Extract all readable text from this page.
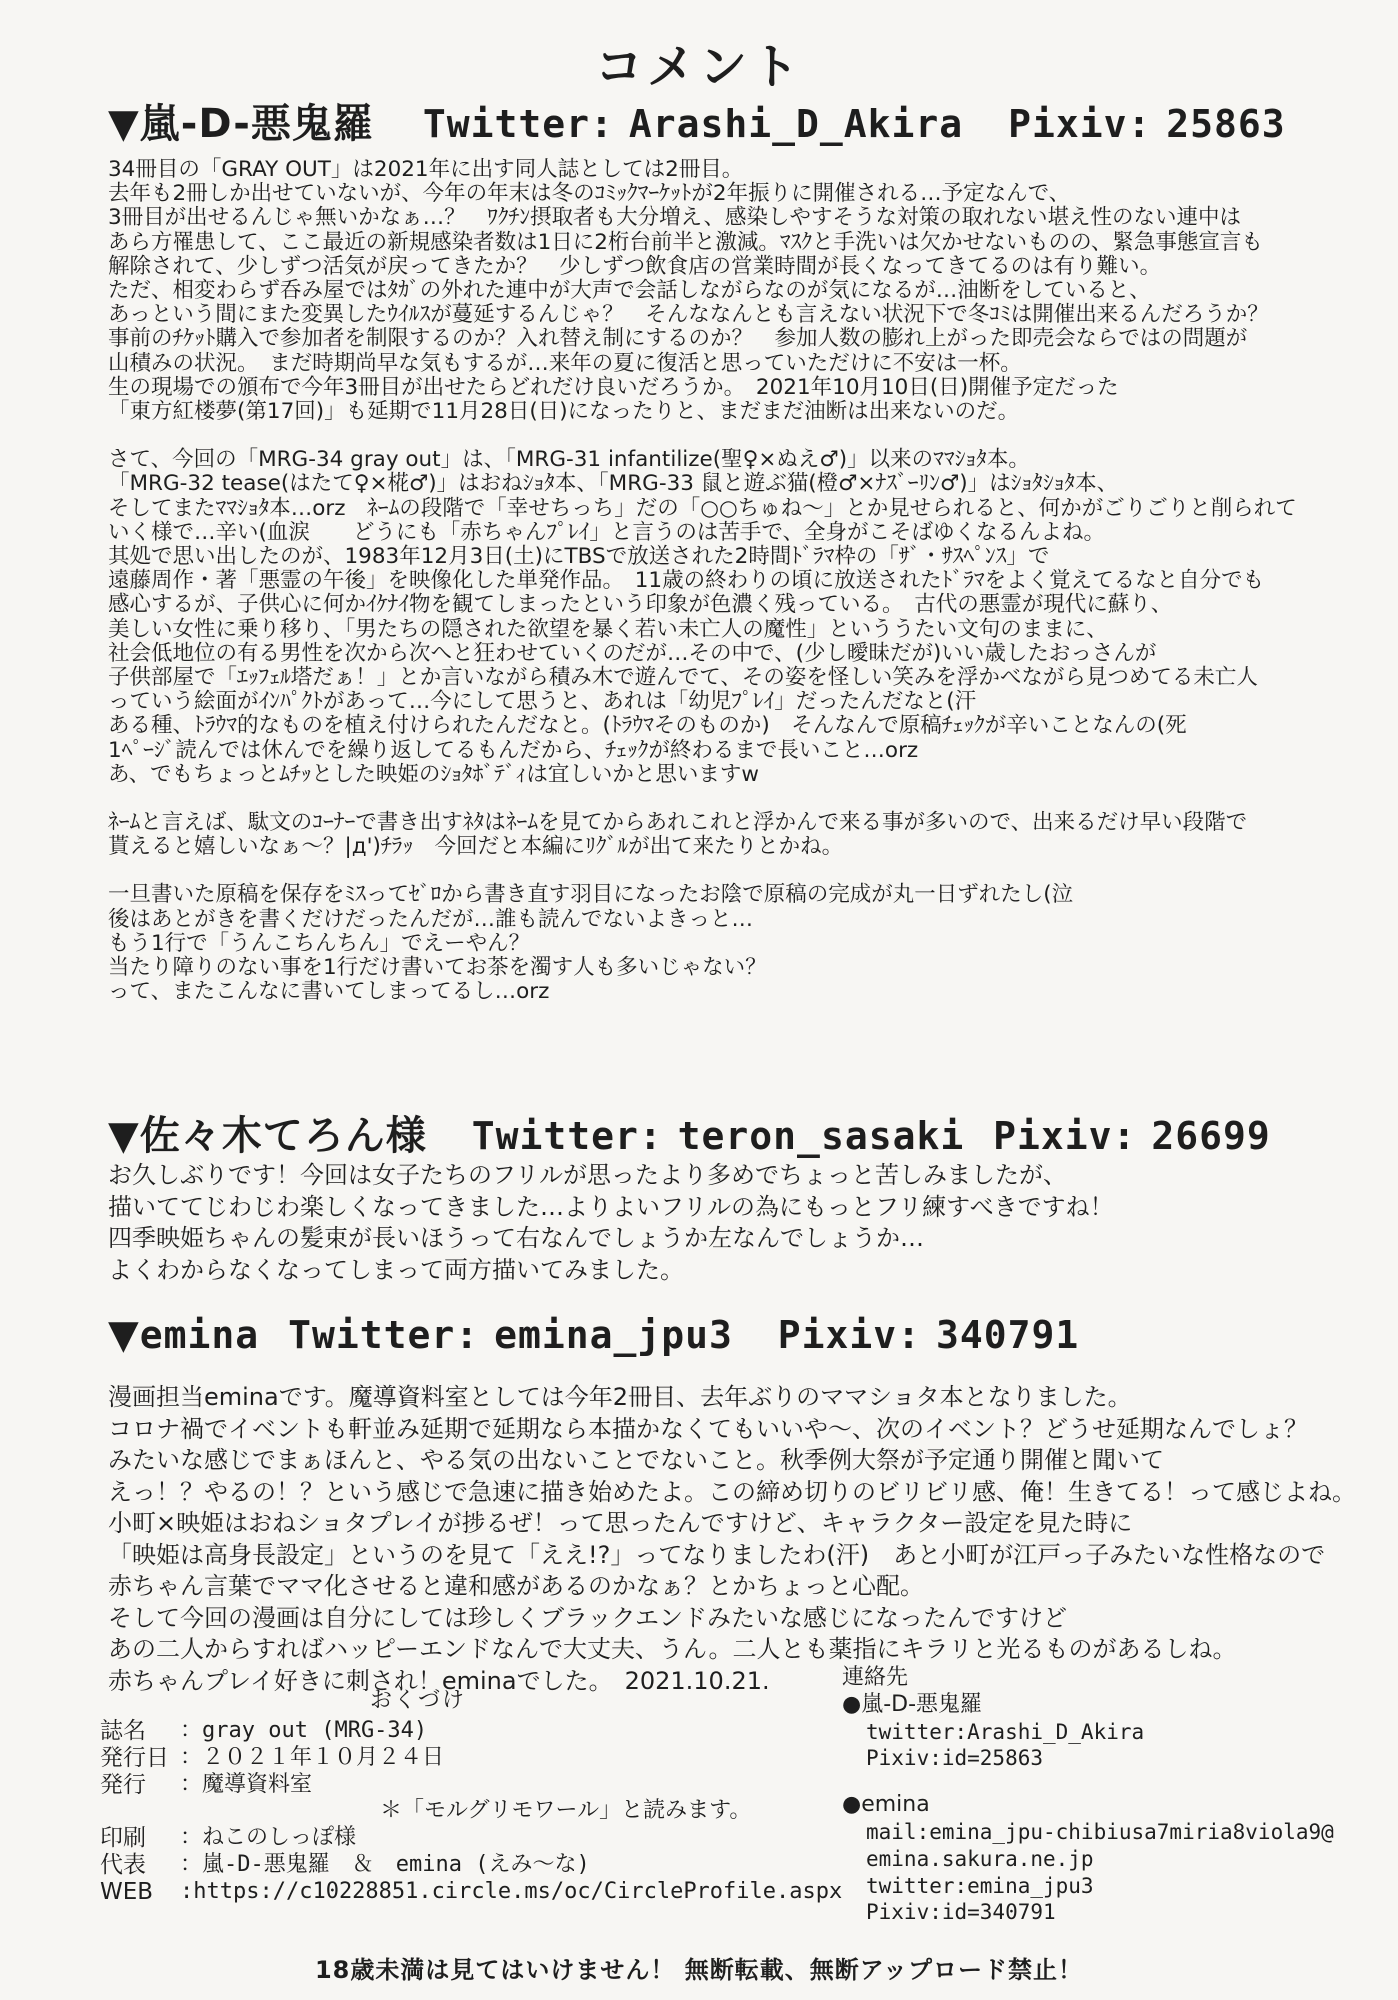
コメント
▼嵐-D-悪鬼羅 Twitter: Arashi_D_Akira Pixiv: 25863
34冊目の「GRAY OUT」は2021年に出す同人誌としては2冊目。
去年も2冊しか出せていないが、今年の年末は冬のｺﾐｯｸﾏｰｹｯﾄが2年振りに開催される…予定なんで、
3冊目が出せるんじゃ無いかなぁ…？　ﾜｸﾁﾝ摂取者も大分増え、感染しやすそうな対策の取れない堪え性のない連中は
あら方罹患して、ここ最近の新規感染者数は1日に2桁台前半と激減。ﾏｽｸと手洗いは欠かせないものの、緊急事態宣言も
解除されて、少しずつ活気が戻ってきたか？　少しずつ飲食店の営業時間が長くなってきてるのは有り難い。
ただ、相変わらず呑み屋ではﾀｶﾞの外れた連中が大声で会話しながらなのが気になるが…油断をしていると、
あっという間にまた変異したｳｲﾙｽが蔓延するんじゃ？　そんななんとも言えない状況下で冬ｺﾐは開催出来るんだろうか？
事前のﾁｹｯﾄ購入で参加者を制限するのか？入れ替え制にするのか？　参加人数の膨れ上がった即売会ならではの問題が
山積みの状況。　まだ時期尚早な気もするが…来年の夏に復活と思っていただけに不安は一杯。
生の現場での頒布で今年3冊目が出せたらどれだけ良いだろうか。　2021年10月10日(日)開催予定だった
「東方紅楼夢(第17回)」も延期で11月28日(日)になったりと、まだまだ油断は出来ないのだ。
さて、今回の「MRG-34 gray out」は、「MRG-31 infantilize(聖♀×ぬえ♂)」以来のﾏﾏｼｮﾀ本。
「MRG-32 tease(はたて♀×椛♂)」はおねｼｮﾀ本、「MRG-33 鼠と遊ぶ猫(橙♂×ﾅｽﾞｰﾘﾝ♂)」はｼｮﾀｼｮﾀ本、
そしてまたﾏﾏｼｮﾀ本…orz　ﾈｰﾑの段階で「幸せちっち」だの「○○ちゅね～」とか見せられると、何かがごりごりと削られて
いく様で…辛い(血涙　　どうにも「赤ちゃんﾌﾟﾚｲ」と言うのは苦手で、全身がこそばゆくなるんよね。
其処で思い出したのが、1983年12月3日(土)にTBSで放送された2時間ﾄﾞﾗﾏ枠の「ｻﾞ・ｻｽﾍﾟﾝｽ」で
遠藤周作・著「悪霊の午後」を映像化した単発作品。　11歳の終わりの頃に放送されたﾄﾞﾗﾏをよく覚えてるなと自分でも
感心するが、子供心に何かｲｹﾅｲ物を観てしまったという印象が色濃く残っている。　古代の悪霊が現代に蘇り、
美しい女性に乗り移り、「男たちの隠された欲望を暴く若い未亡人の魔性」といううたい文句のままに、
社会低地位の有る男性を次から次へと狂わせていくのだが…その中で、(少し曖昧だが)いい歳したおっさんが
子供部屋で「ｴｯﾌｪﾙ塔だぁ！」とか言いながら積み木で遊んでて、その姿を怪しい笑みを浮かべながら見つめてる未亡人
っていう絵面がｲﾝﾊﾟｸﾄがあって…今にして思うと、あれは「幼児ﾌﾟﾚｲ」だったんだなと(汗
ある種、ﾄﾗｳﾏ的なものを植え付けられたんだなと。(ﾄﾗｳﾏそのものか)　そんなんで原稿ﾁｪｯｸが辛いことなんの(死
1ﾍﾟｰｼﾞ読んでは休んでを繰り返してるもんだから、ﾁｪｯｸが終わるまで長いこと…orz
あ、でもちょっとﾑﾁｯとした映姫のｼｮﾀﾎﾞﾃﾞｨは宜しいかと思いますw
ﾈｰﾑと言えば、駄文のｺｰﾅｰで書き出すﾈﾀはﾈｰﾑを見てからあれこれと浮かんで来る事が多いので、出来るだけ早い段階で
貰えると嬉しいなぁ～？|д')ﾁﾗｯ　今回だと本編にﾘｸﾞﾙが出て来たりとかね。
一旦書いた原稿を保存をﾐｽってｾﾞﾛから書き直す羽目になったお陰で原稿の完成が丸一日ずれたし(泣
後はあとがきを書くだけだったんだが…誰も読んでないよきっと…
もう1行で「うんこちんちん」でえーやん？
当たり障りのない事を1行だけ書いてお茶を濁す人も多いじゃない？
って、またこんなに書いてしまってるし…orz
▼佐々木てろん様 Twitter: teron_sasaki Pixiv: 26699
お久しぶりです！今回は女子たちのフリルが思ったより多めでちょっと苦しみましたが、
描いててじわじわ楽しくなってきました…よりよいフリルの為にもっとフリ練すべきですね！
四季映姫ちゃんの髪束が長いほうって右なんでしょうか左なんでしょうか…
よくわからなくなってしまって両方描いてみました。
▼emina Twitter: emina_jpu3 Pixiv: 340791
漫画担当eminaです。魔導資料室としては今年2冊目、去年ぶりのママショタ本となりました。
コロナ禍でイベントも軒並み延期で延期なら本描かなくてもいいや～、次のイベント？どうせ延期なんでしょ？
みたいな感じでまぁほんと、やる気の出ないことでないこと。秋季例大祭が予定通り開催と聞いて
えっ！？やるの！？という感じで急速に描き始めたよ。この締め切りのビリビリ感、俺！生きてる！って感じよね。
小町×映姫はおねショタプレイが捗るぜ！って思ったんですけど、キャラクター設定を見た時に
「映姫は高身長設定」というのを見て「ええ!?」ってなりましたわ(汗)　あと小町が江戸っ子みたいな性格なので
赤ちゃん言葉でママ化させると違和感があるのかなぁ？とかちょっと心配。
そして今回の漫画は自分にしては珍しくブラックエンドみたいな感じになったんですけど
あの二人からすればハッピーエンドなんで大丈夫、うん。二人とも薬指にキラリと光るものがあるしね。
赤ちゃんプレイ好きに刺され！eminaでした。　2021.10.21.
おくづけ
誌名	：gray out (MRG-34)
発行日 ：２０２１年１０月２４日
発行	：魔導資料室
＊「モルグリモワール」と読みます。
印刷	：ねこのしっぽ様
代表	：嵐-D-悪鬼羅　＆　emina (えみ～な)
WEB	:https://c10228851.circle.ms/oc/CircleProfile.aspx
連絡先
●嵐-D-悪鬼羅
twitter:Arashi_D_Akira
Pixiv:id=25863
●emina
mail:emina_jpu-chibiusa7miria8viola9@
emina.sakura.ne.jp
twitter:emina_jpu3
Pixiv:id=340791
18歳未満は見てはいけません！ 無断転載、無断アップロード禁止！
